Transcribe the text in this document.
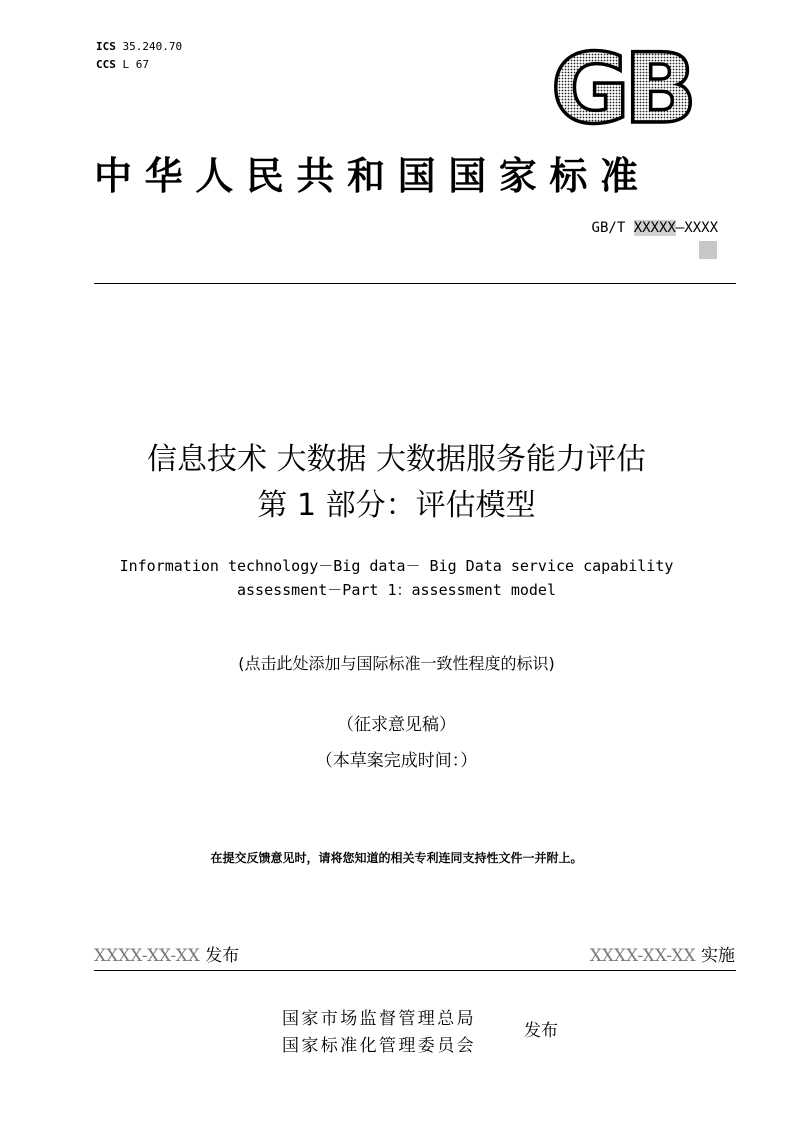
ICS 35.240.70
CCS L 67	GB
中华人民共和国国家标准
GB/T XXXXX—XXXX
信息技术 大数据 大数据服务能力评估
第 1 部分：评估模型
Information technology－Big data－ Big Data service capability
assessment－Part 1：assessment model
(点击此处添加与国际标准一致性程度的标识)
（征求意见稿）
（本草案完成时间：）
在提交反馈意见时，请将您知道的相关专利连同支持性文件一并附上。
XXXX-XX-XX 发布	XXXX-XX-XX 实施
国家市场监督管理总局
国家标准化管理委员会
发布
